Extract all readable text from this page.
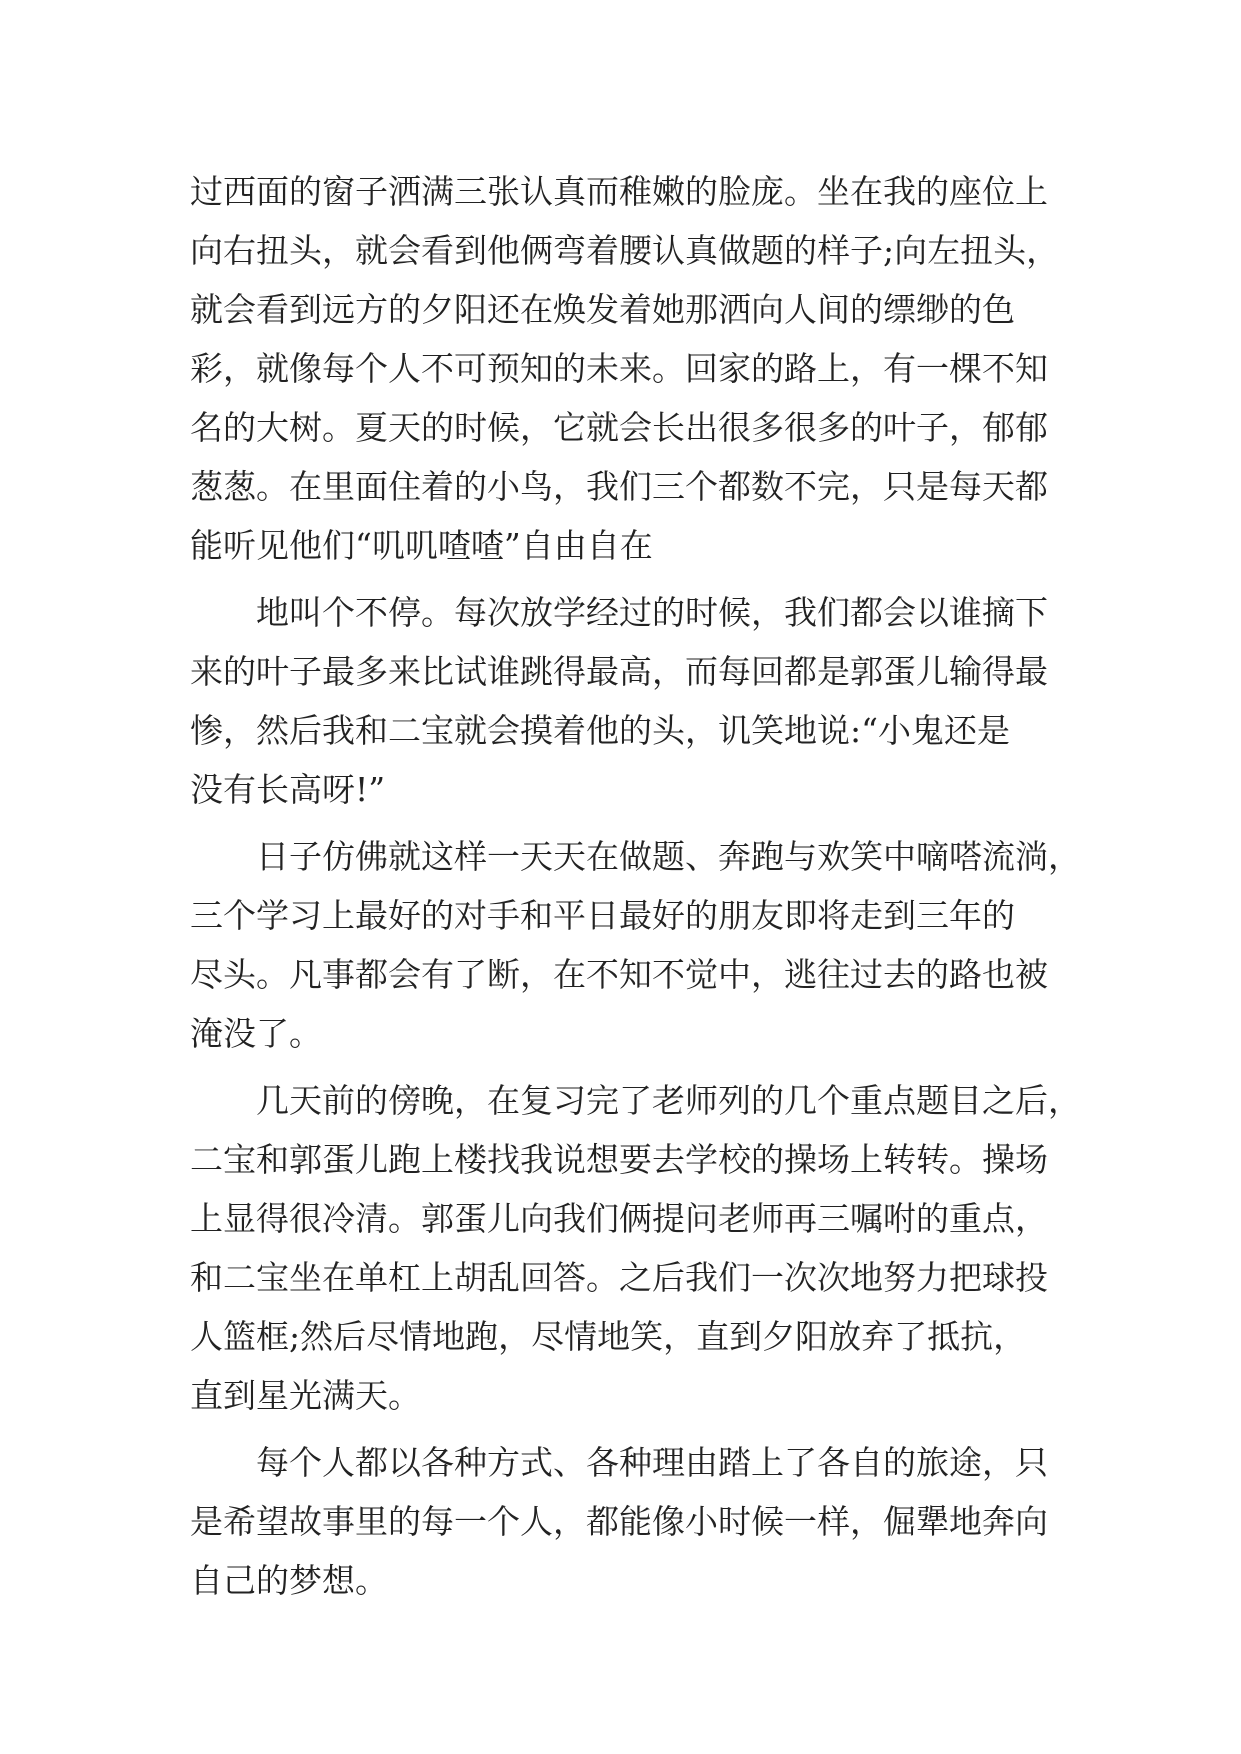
过西面的窗子洒满三张认真而稚嫩的脸庞。坐在我的座位上
向右扭头，就会看到他俩弯着腰认真做题的样子;向左扭头，
就会看到远方的夕阳还在焕发着她那洒向人间的缥缈的色
彩，就像每个人不可预知的未来。回家的路上，有一棵不知
名的大树。夏天的时候，它就会长出很多很多的叶子，郁郁
葱葱。在里面住着的小鸟，我们三个都数不完，只是每天都
能听见他们“叽叽喳喳”自由自在
地叫个不停。每次放学经过的时候，我们都会以谁摘下
来的叶子最多来比试谁跳得最高，而每回都是郭蛋儿输得最
惨，然后我和二宝就会摸着他的头，讥笑地说:“小鬼还是
没有长高呀!”
日子仿佛就这样一天天在做题、奔跑与欢笑中嘀嗒流淌，
三个学习上最好的对手和平日最好的朋友即将走到三年的
尽头。凡事都会有了断，在不知不觉中，逃往过去的路也被
淹没了。
几天前的傍晚，在复习完了老师列的几个重点题目之后，
二宝和郭蛋儿跑上楼找我说想要去学校的操场上转转。操场
上显得很冷清。郭蛋儿向我们俩提问老师再三嘱咐的重点，
和二宝坐在单杠上胡乱回答。之后我们一次次地努力把球投
人篮框;然后尽情地跑，尽情地笑，直到夕阳放弃了抵抗，
直到星光满天。
每个人都以各种方式、各种理由踏上了各自的旅途，只
是希望故事里的每一个人，都能像小时候一样，倔犟地奔向
自己的梦想。
